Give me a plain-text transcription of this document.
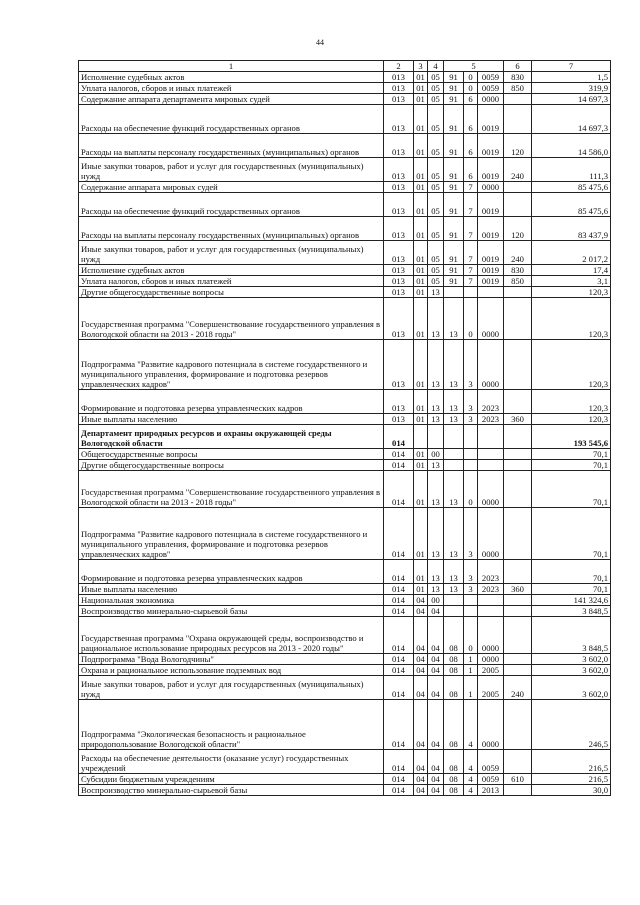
44
1	2	3	4	5			6	7
Исполнение судебных актов	013	01	05	91	0	0059	830	1,5
Уплата налогов, сборов и иных платежей	013	01	05	91	0	0059	850	319,9
Содержание аппарата департамента мировых судей	013	01	05	91	6	0000		14 697,3
Расходы на обеспечение функций государственных органов	013	01	05	91	6	0019		14 697,3
Расходы на выплаты персоналу государственных (муниципальных) органов	013	01	05	91	6	0019	120	14 586,0
Иные закупки товаров, работ и услуг для государственных (муниципальных) нужд	013	01	05	91	6	0019	240	111,3
Содержание аппарата мировых судей	013	01	05	91	7	0000		85 475,6
Расходы на обеспечение функций государственных органов	013	01	05	91	7	0019		85 475,6
Расходы на выплаты персоналу государственных (муниципальных) органов	013	01	05	91	7	0019	120	83 437,9
Иные закупки товаров, работ и услуг для государственных (муниципальных) нужд	013	01	05	91	7	0019	240	2 017,2
Исполнение судебных актов	013	01	05	91	7	0019	830	17,4
Уплата налогов, сборов и иных платежей	013	01	05	91	7	0019	850	3,1
Другие общегосударственные вопросы	013	01	13					120,3
Государственная программа "Совершенствование государственного управления в Вологодской области на 2013 - 2018 годы"	013	01	13	13	0	0000		120,3
Подпрограмма "Развитие кадрового потенциала в системе государственного и муниципального управления, формирование и подготовка резервов управленческих кадров"	013	01	13	13	3	0000		120,3
Формирование и подготовка резерва управленческих кадров	013	01	13	13	3	2023		120,3
Иные выплаты населению	013	01	13	13	3	2023	360	120,3
Департамент природных ресурсов и охраны окружающей среды Вологодской области	014							193 545,6
Общегосударственные вопросы	014	01	00					70,1
Другие общегосударственные вопросы	014	01	13					70,1
Государственная программа "Совершенствование государственного управления в Вологодской области на 2013 - 2018 годы"	014	01	13	13	0	0000		70,1
Подпрограмма "Развитие кадрового потенциала в системе государственного и муниципального управления, формирование и подготовка резервов управленческих кадров"	014	01	13	13	3	0000		70,1
Формирование и подготовка резерва управленческих кадров	014	01	13	13	3	2023		70,1
Иные выплаты населению	014	01	13	13	3	2023	360	70,1
Национальная экономика	014	04	00					141 324,6
Воспроизводство минерально-сырьевой базы	014	04	04					3 848,5
Государственная программа "Охрана окружающей среды, воспроизводство и рациональное использование природных ресурсов на 2013 - 2020 годы"	014	04	04	08	0	0000		3 848,5
Подпрограмма "Вода Вологодчины"	014	04	04	08	1	0000		3 602,0
Охрана и рациональное использование подземных вод	014	04	04	08	1	2005		3 602,0
Иные закупки товаров, работ и услуг для государственных (муниципальных) нужд	014	04	04	08	1	2005	240	3 602,0
Подпрограмма "Экологическая безопасность и рациональное природопользование Вологодской области"	014	04	04	08	4	0000		246,5
Расходы на обеспечение деятельности (оказание услуг) государственных учреждений	014	04	04	08	4	0059		216,5
Субсидии бюджетным учреждениям	014	04	04	08	4	0059	610	216,5
Воспроизводство минерально-сырьевой базы	014	04	04	08	4	2013		30,0
